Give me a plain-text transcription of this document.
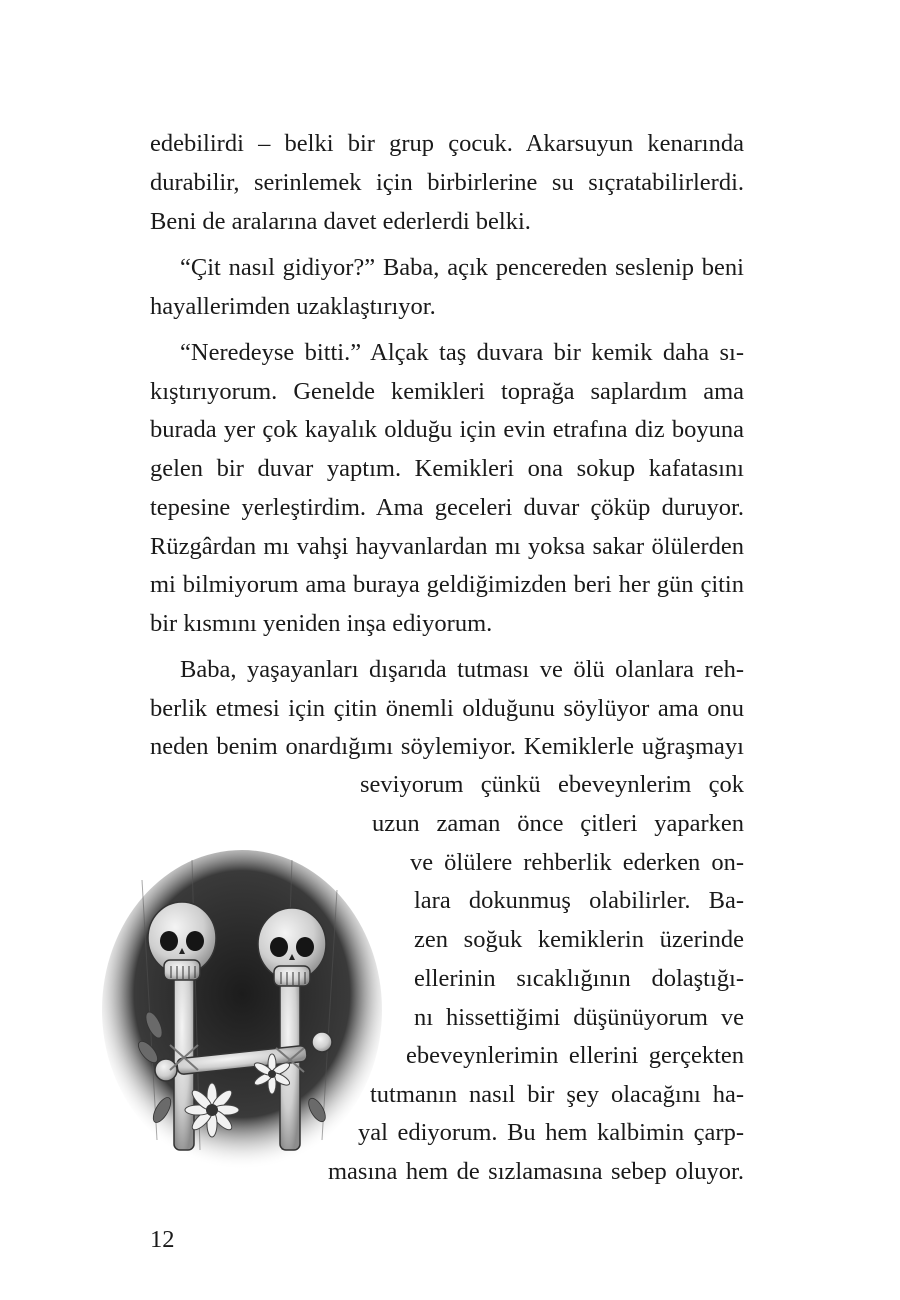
edebilirdi – belki bir grup çocuk. Akarsuyun kenarında
durabilir, serinlemek için birbirlerine su sıçratabilirlerdi.
Beni de aralarına davet ederlerdi belki.
“Çit nasıl gidiyor?” Baba, açık pencereden seslenip beni
hayallerimden uzaklaştırıyor.
“Neredeyse bitti.” Alçak taş duvara bir kemik daha sı-
kıştırıyorum. Genelde kemikleri toprağa saplardım ama
burada yer çok kayalık olduğu için evin etrafına diz boyuna
gelen bir duvar yaptım. Kemikleri ona sokup kafatasını
tepesine yerleştirdim. Ama geceleri duvar çöküp duruyor.
Rüzgârdan mı vahşi hayvanlardan mı yoksa sakar ölülerden
mi bilmiyorum ama buraya geldiğimizden beri her gün çitin
bir kısmını yeniden inşa ediyorum.
Baba, yaşayanları dışarıda tutması ve ölü olanlara reh-
berlik etmesi için çitin önemli olduğunu söylüyor ama onu
neden benim onardığımı söylemiyor. Kemiklerle uğraşmayı
seviyorum çünkü ebeveynlerim çok
uzun zaman önce çitleri yaparken
ve ölülere rehberlik ederken on-
lara dokunmuş olabilirler. Ba-
zen soğuk kemiklerin üzerinde
ellerinin sıcaklığının dolaştığı-
nı hissettiğimi düşünüyorum ve
ebeveynlerimin ellerini gerçekten
tutmanın nasıl bir şey olacağını ha-
yal ediyorum. Bu hem kalbimin çarp-
masına hem de sızlamasına sebep oluyor.
12
